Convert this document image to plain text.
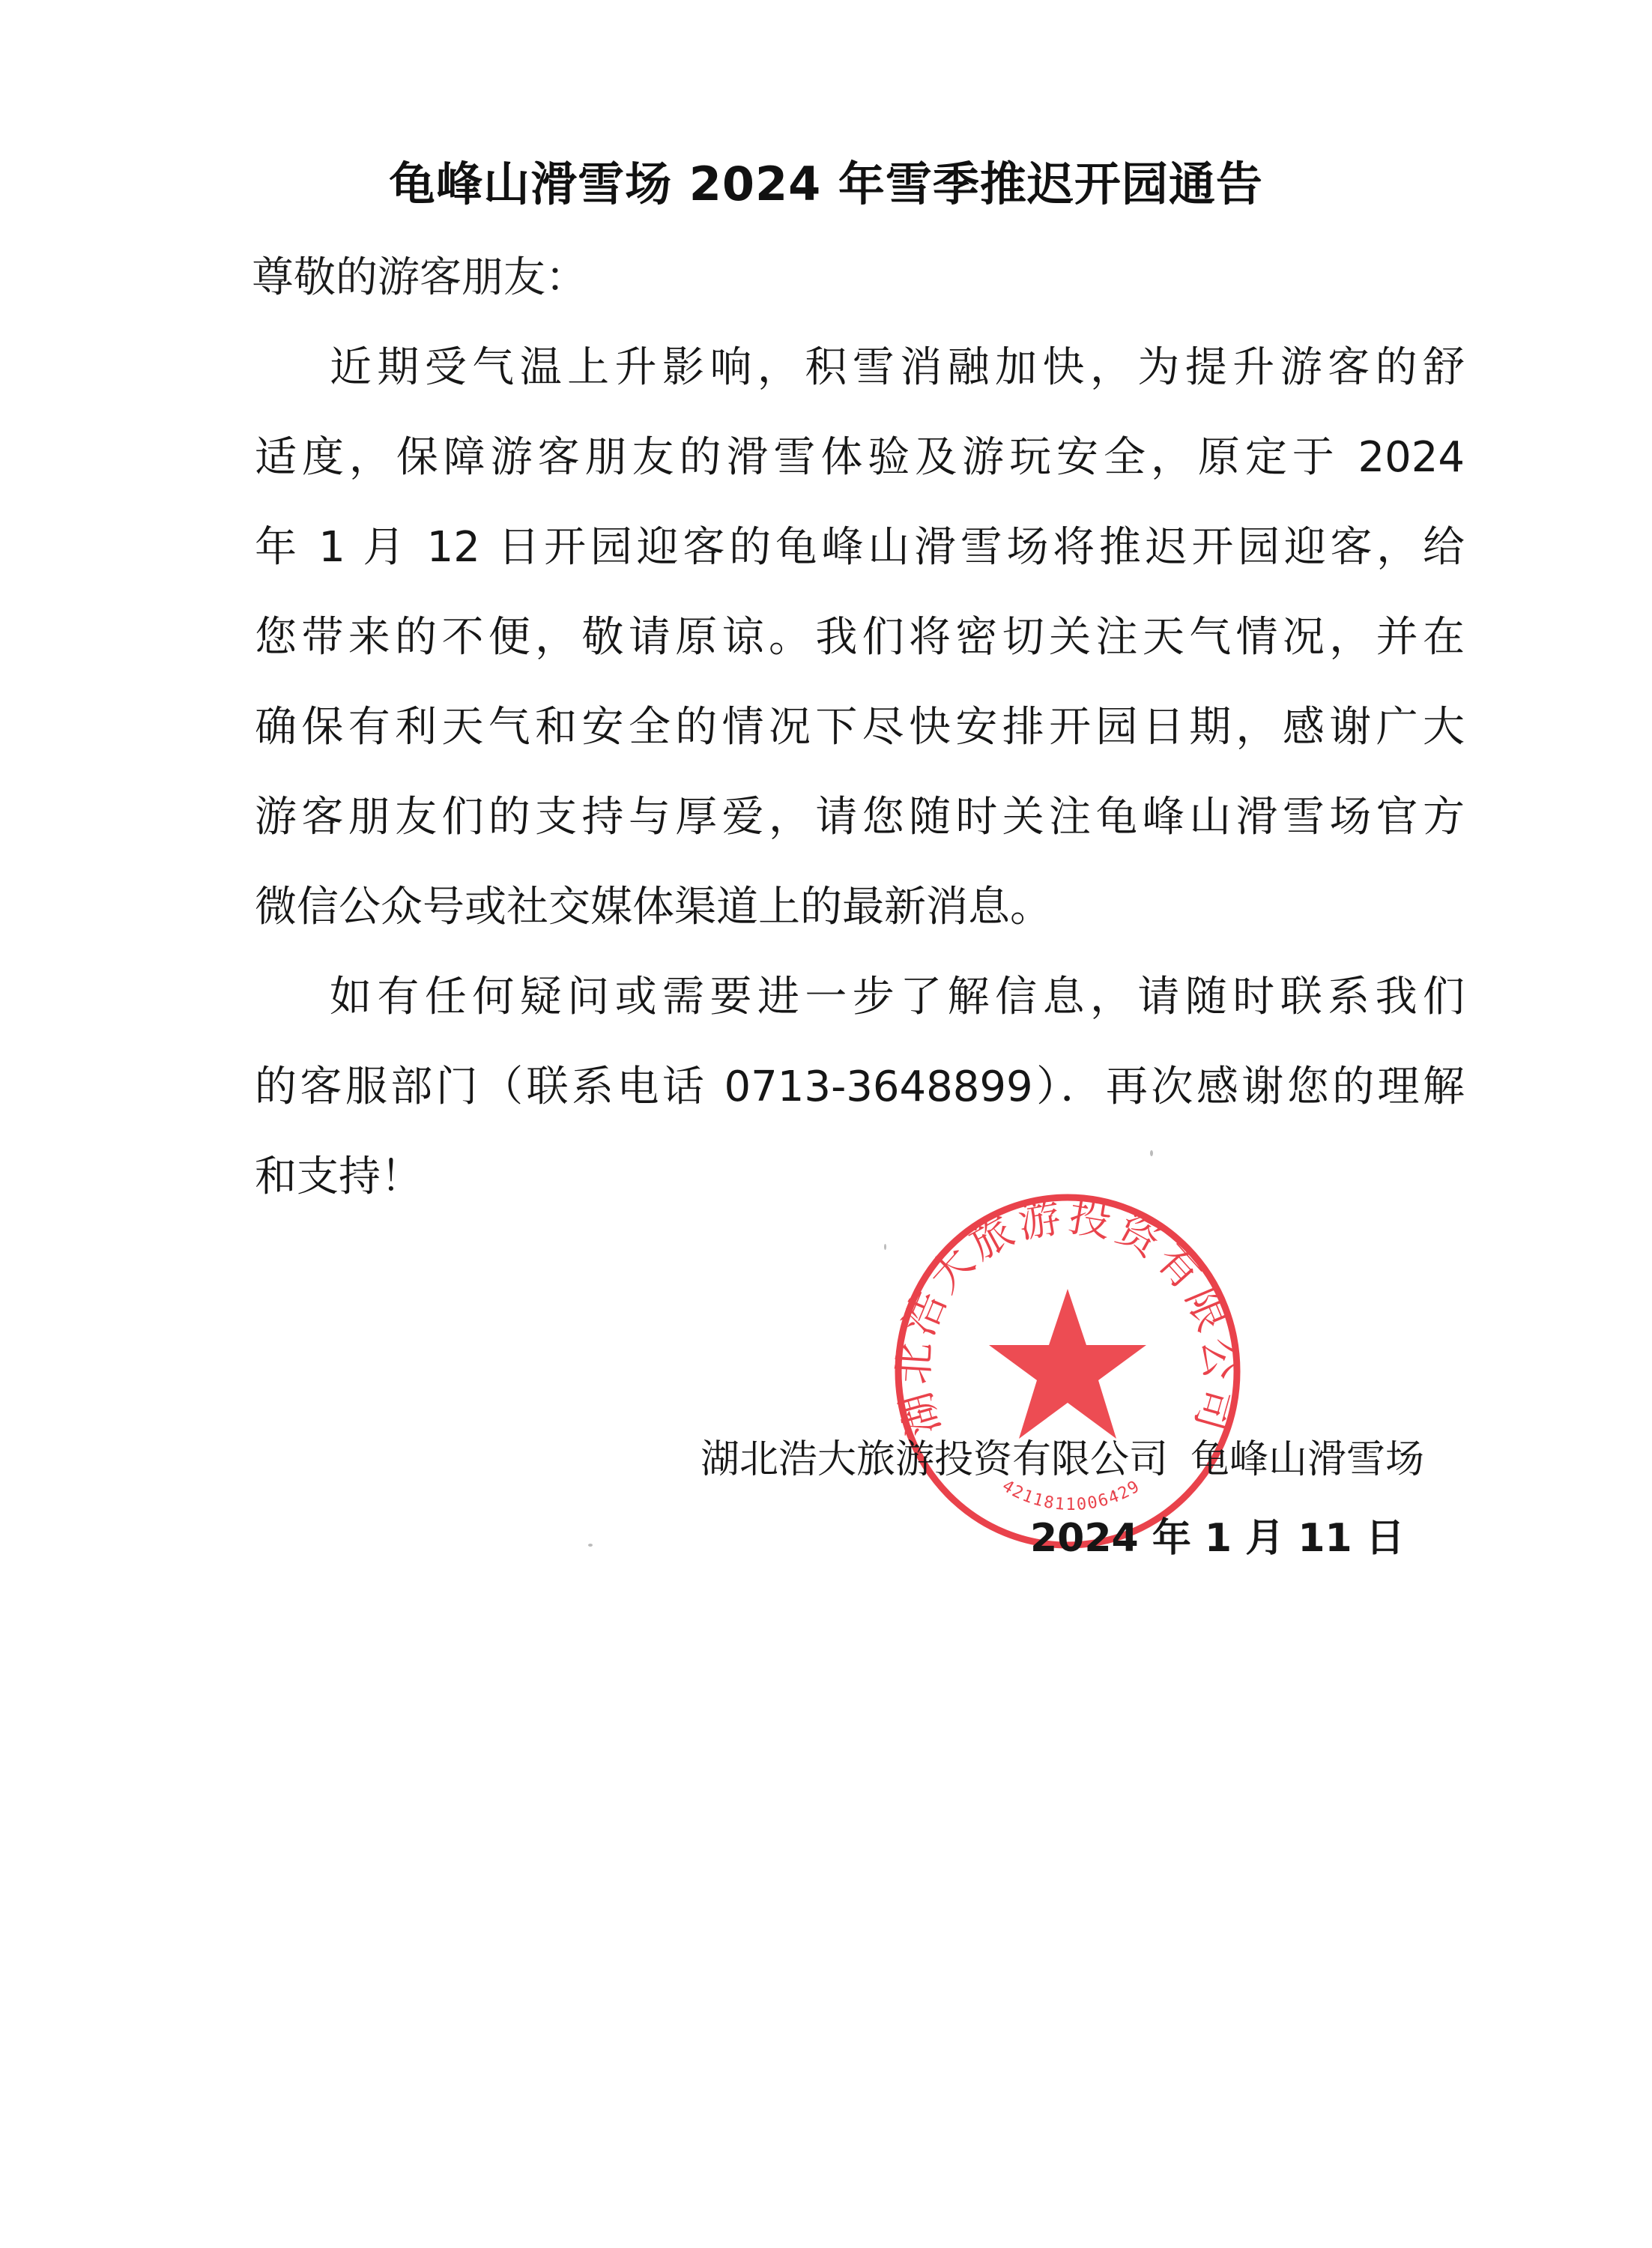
龟峰山滑雪场 2024 年雪季推迟开园通告
尊敬的游客朋友：
近期受气温上升影响，积雪消融加快，为提升游客的舒
适度，保障游客朋友的滑雪体验及游玩安全，原定于 2024
年 1 月 12 日开园迎客的龟峰山滑雪场将推迟开园迎客，给
您带来的不便，敬请原谅。我们将密切关注天气情况，并在
确保有利天气和安全的情况下尽快安排开园日期，感谢广大
游客朋友们的支持与厚爱，请您随时关注龟峰山滑雪场官方
微信公众号或社交媒体渠道上的最新消息。
如有任何疑问或需要进一步了解信息，请随时联系我们
的客服部门（联系电话 0713-3648899）．再次感谢您的理解
和支持！
湖北浩大旅游投资有限公司
4211811006429
湖北浩大旅游投资有限公司 龟峰山滑雪场
2024 年 1 月 11 日
